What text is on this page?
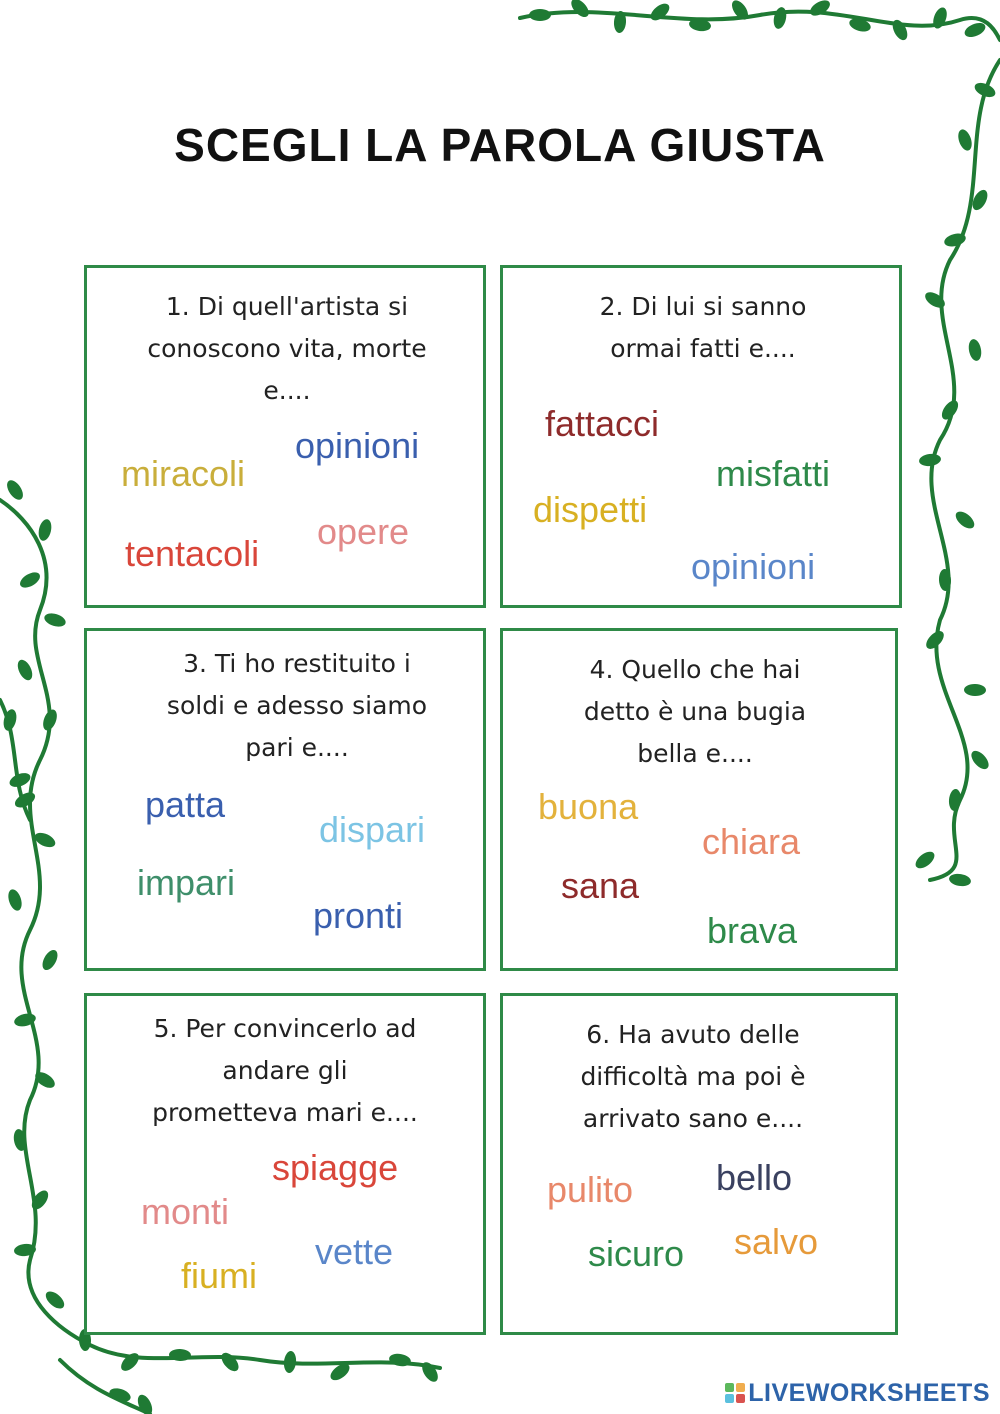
SCEGLI LA PAROLA GIUSTA
1. Di quell'artista si
conoscono vita, morte
e....
opinioni
miracoli
opere
tentacoli
2. Di lui si sanno
ormai fatti e....
fattacci
misfatti
dispetti
opinioni
3. Ti ho restituito i
soldi e adesso siamo
pari e....
patta
dispari
impari
pronti
4. Quello che hai
detto è una bugia
bella e....
buona
chiara
sana
brava
5. Per convincerlo ad
andare gli
prometteva mari e....
spiagge
monti
vette
fiumi
6. Ha avuto delle
difficoltà ma poi è
arrivato sano e....
pulito bello
salvo
sicuro
LIVEWORKSHEETS
